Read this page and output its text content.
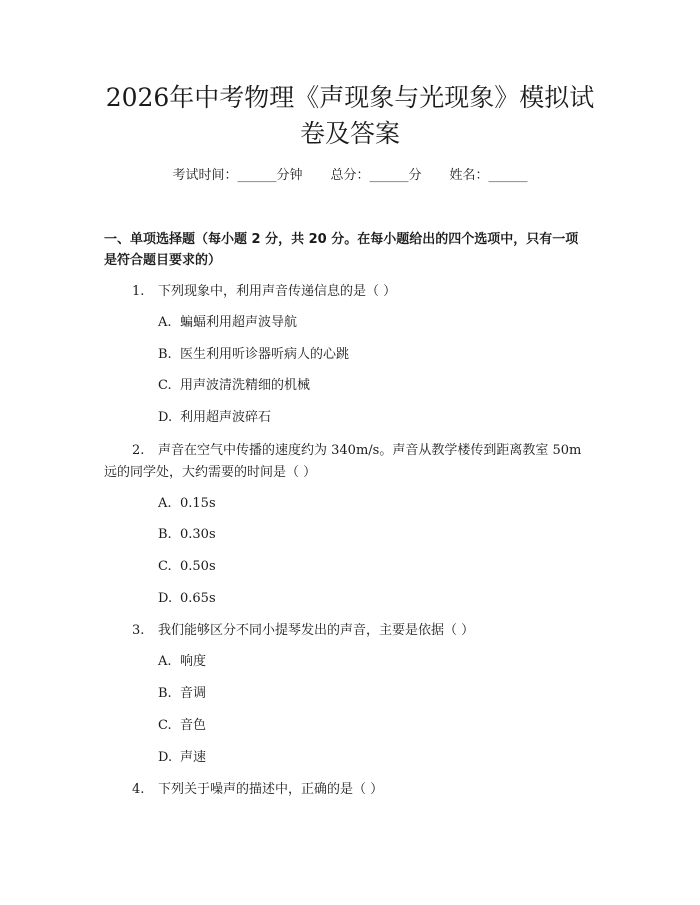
2026年中考物理《声现象与光现象》模拟试
卷及答案
考试时间：______分钟 总分：______分 姓名：______

一、单项选择题（每小题 2 分，共 20 分。在每小题给出的四个选项中，只有一项

是符合题目要求的）

1. 下列现象中，利用声音传递信息的是（ ）

A. 蝙蝠利用超声波导航

B. 医生利用听诊器听病人的心跳

C. 用声波清洗精细的机械

D. 利用超声波碎石

2. 声音在空气中传播的速度约为 340m/s。声音从教学楼传到距离教室 50m

远的同学处，大约需要的时间是（ ）

A. 0.15s

B. 0.30s

C. 0.50s

D. 0.65s

3. 我们能够区分不同小提琴发出的声音，主要是依据（ ）

A. 响度

B. 音调

C. 音色

D. 声速

4. 下列关于噪声的描述中，正确的是（ ）
